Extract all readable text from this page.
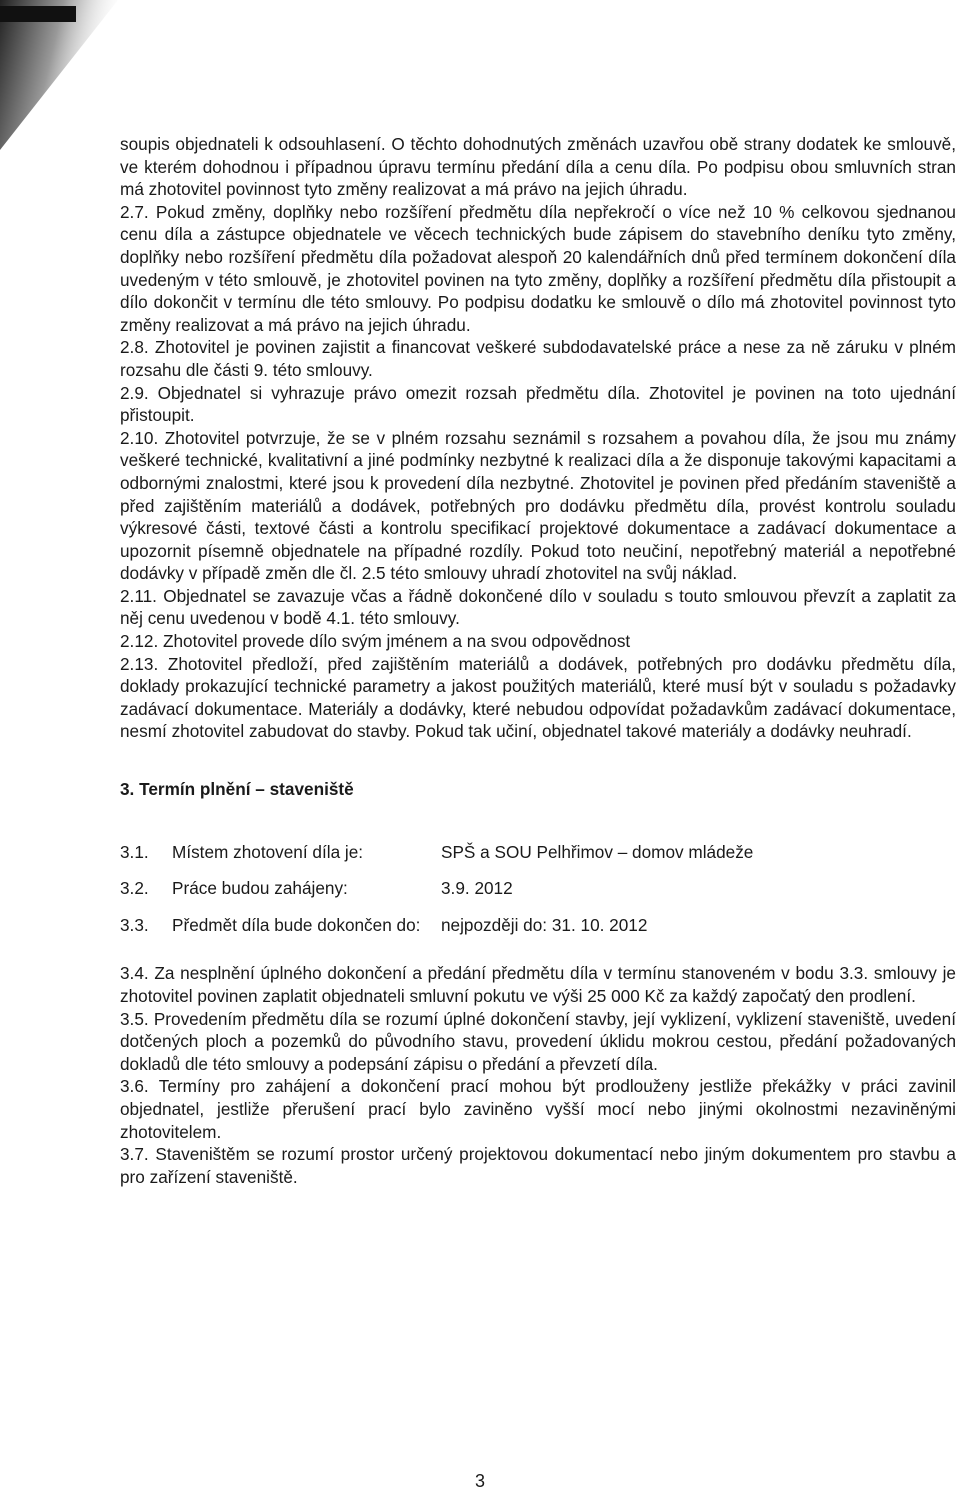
soupis objednateli k odsouhlasení. O těchto dohodnutých změnách uzavřou obě strany dodatek ke smlouvě, ve kterém dohodnou i případnou úpravu termínu předání díla a cenu díla. Po podpisu obou smluvních stran má zhotovitel povinnost tyto změny realizovat a má právo na jejich úhradu.

2.7. Pokud změny, doplňky nebo rozšíření předmětu díla nepřekročí o více než 10 % celkovou sjednanou cenu díla a zástupce objednatele ve věcech technických bude zápisem do stavebního deníku tyto změny, doplňky nebo rozšíření předmětu díla požadovat alespoň 20 kalendářních dnů před termínem dokončení díla uvedeným v této smlouvě, je zhotovitel povinen na tyto změny, doplňky a rozšíření předmětu díla přistoupit a dílo dokončit v termínu dle této smlouvy. Po podpisu dodatku ke smlouvě o dílo má zhotovitel povinnost tyto změny realizovat a má právo na jejich úhradu.

2.8. Zhotovitel je povinen zajistit a financovat veškeré subdodavatelské práce a nese za ně záruku v plném rozsahu dle části 9. této smlouvy.

2.9. Objednatel si vyhrazuje právo omezit rozsah předmětu díla. Zhotovitel je povinen na toto ujednání přistoupit.

2.10. Zhotovitel potvrzuje, že se v plném rozsahu seznámil s rozsahem a povahou díla, že jsou mu známy veškeré technické, kvalitativní a jiné podmínky nezbytné k realizaci díla a že disponuje takovými kapacitami a odbornými znalostmi, které jsou k provedení díla nezbytné. Zhotovitel je povinen před předáním staveniště a před zajištěním materiálů a dodávek, potřebných pro dodávku předmětu díla, provést kontrolu souladu výkresové části, textové části a kontrolu specifikací projektové dokumentace a zadávací dokumentace a upozornit písemně objednatele na případné rozdíly. Pokud toto neučiní, nepotřebný materiál a nepotřebné dodávky v případě změn dle čl. 2.5 této smlouvy uhradí zhotovitel na svůj náklad.

2.11. Objednatel se zavazuje včas a řádně dokončené dílo v souladu s touto smlouvou převzít a zaplatit za něj cenu uvedenou v bodě 4.1. této smlouvy.

2.12. Zhotovitel provede dílo svým jménem a na svou odpovědnost

2.13. Zhotovitel předloží, před zajištěním materiálů a dodávek, potřebných pro dodávku předmětu díla, doklady prokazující technické parametry a jakost použitých materiálů, které musí být v souladu s požadavky zadávací dokumentace. Materiály a dodávky, které nebudou odpovídat požadavkům zadávací dokumentace, nesmí zhotovitel zabudovat do stavby. Pokud tak učiní, objednatel takové materiály a dodávky neuhradí.

3. Termín plnění – staveniště
3.1.	Místem zhotovení díla je:	SPŠ a SOU Pelhřimov – domov mládeže
3.2.	Práce budou zahájeny:	3.9. 2012
3.3.	Předmět díla bude dokončen do:	nejpozději do: 31. 10. 2012

3.4. Za nesplnění úplného dokončení a předání předmětu díla v termínu stanoveném v bodu 3.3. smlouvy je zhotovitel povinen zaplatit objednateli smluvní pokutu ve výši 25 000 Kč za každý započatý den prodlení.

3.5. Provedením předmětu díla se rozumí úplné dokončení stavby, její vyklizení, vyklizení staveniště, uvedení dotčených ploch a pozemků do původního stavu, provedení úklidu mokrou cestou, předání požadovaných dokladů dle této smlouvy a podepsání zápisu o předání a převzetí díla.

3.6. Termíny pro zahájení a dokončení prací mohou být prodlouženy jestliže překážky v práci zavinil objednatel, jestliže přerušení prací bylo zaviněno vyšší mocí nebo jinými okolnostmi nezaviněnými zhotovitelem.

3.7. Staveništěm se rozumí prostor určený projektovou dokumentací nebo jiným dokumentem pro stavbu a pro zařízení staveniště.

3
